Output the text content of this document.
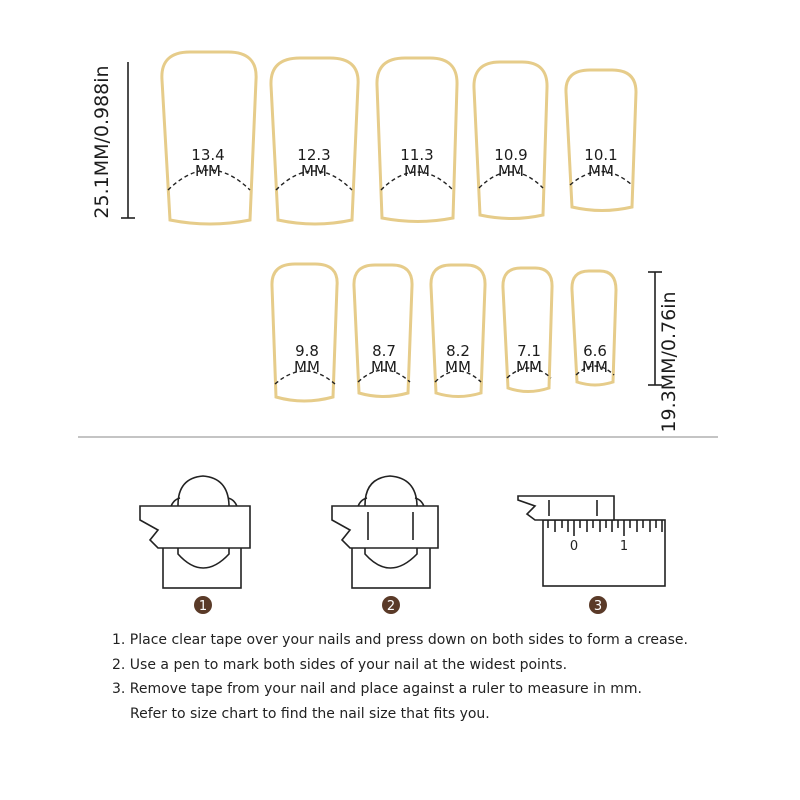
25.1MM/0.988in	13.4
MM
12.3
MM
11.3
MM
10.9
MM
10.1
MM
9.8
MM
8.7
MM
8.2
MM
7.1
MM
6.6
MM	19.3MM/0.76in
0	1
1	2	3
1. Place clear tape over your nails and press down on both sides to form a crease.
2. Use a pen to mark both sides of your nail at the widest points.
3. Remove tape from your nail and place against a ruler to measure in mm.
Refer to size chart to find the nail size that fits you.
